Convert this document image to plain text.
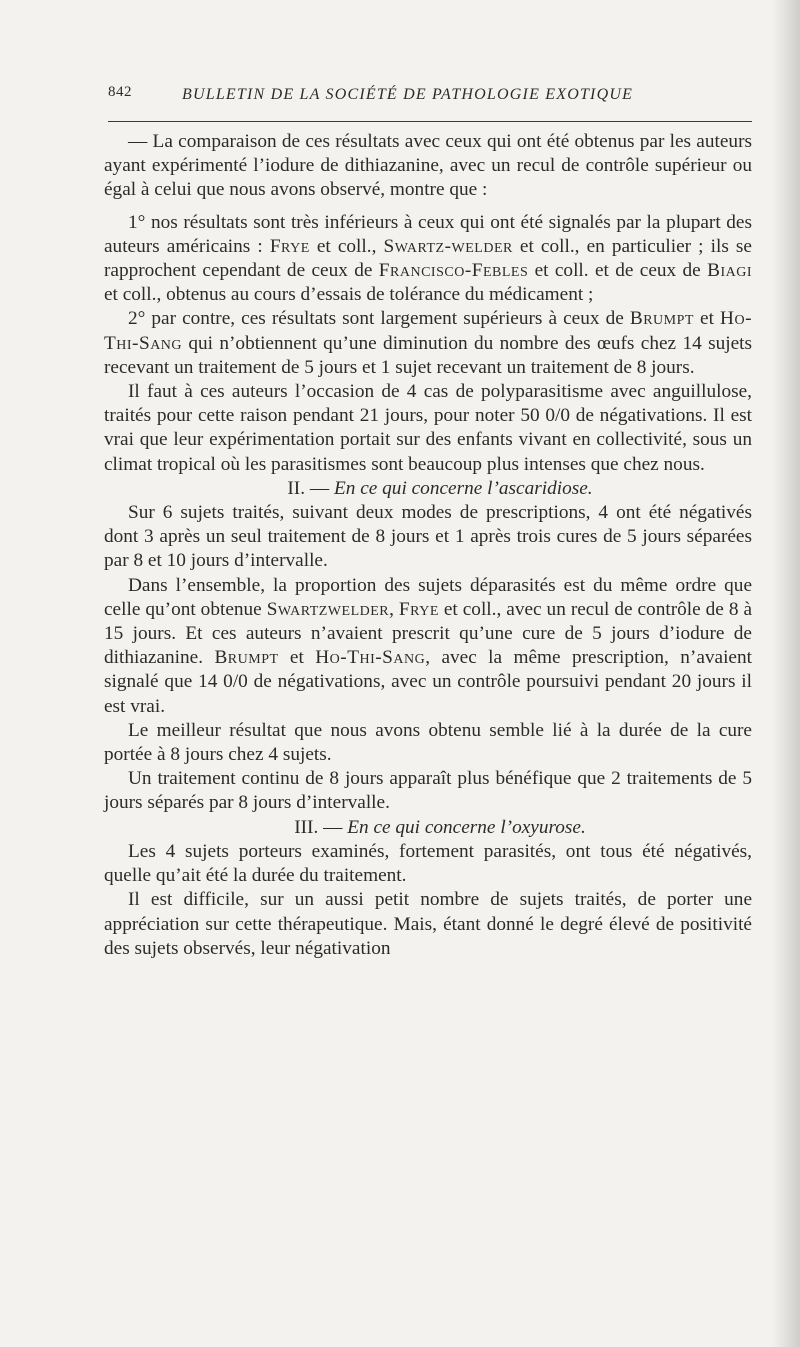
842	BULLETIN DE LA SOCIÉTÉ DE PATHOLOGIE EXOTIQUE

— La comparaison de ces résultats avec ceux qui ont été obtenus par les auteurs ayant expérimenté l’iodure de dithiazanine, avec un recul de contrôle supérieur ou égal à celui que nous avons observé, montre que :

1° nos résultats sont très inférieurs à ceux qui ont été signalés par la plupart des auteurs américains : Frye et coll., Swartz-welder et coll., en particulier ; ils se rapprochent cependant de ceux de Francisco-Febles et coll. et de ceux de Biagi et coll., obtenus au cours d’essais de tolérance du médicament ;

2° par contre, ces résultats sont largement supérieurs à ceux de Brumpt et Ho-Thi-Sang qui n’obtiennent qu’une diminution du nombre des œufs chez 14 sujets recevant un traitement de 5 jours et 1 sujet recevant un traitement de 8 jours.

Il faut à ces auteurs l’occasion de 4 cas de polyparasitisme avec anguillulose, traités pour cette raison pendant 21 jours, pour noter 50 0/0 de négativations. Il est vrai que leur expérimentation portait sur des enfants vivant en collectivité, sous un climat tropical où les parasitismes sont beaucoup plus intenses que chez nous.

II. — En ce qui concerne l’ascaridiose.

Sur 6 sujets traités, suivant deux modes de prescriptions, 4 ont été négativés dont 3 après un seul traitement de 8 jours et 1 après trois cures de 5 jours séparées par 8 et 10 jours d’intervalle.

Dans l’ensemble, la proportion des sujets déparasités est du même ordre que celle qu’ont obtenue Swartzwelder, Frye et coll., avec un recul de contrôle de 8 à 15 jours. Et ces auteurs n’avaient prescrit qu’une cure de 5 jours d’iodure de dithiazanine. Brumpt et Ho-Thi-Sang, avec la même prescription, n’avaient signalé que 14 0/0 de négativations, avec un contrôle poursuivi pendant 20 jours il est vrai.

Le meilleur résultat que nous avons obtenu semble lié à la durée de la cure portée à 8 jours chez 4 sujets.

Un traitement continu de 8 jours apparaît plus bénéfique que 2 traitements de 5 jours séparés par 8 jours d’intervalle.

III. — En ce qui concerne l’oxyurose.

Les 4 sujets porteurs examinés, fortement parasités, ont tous été négativés, quelle qu’ait été la durée du traitement.

Il est difficile, sur un aussi petit nombre de sujets traités, de porter une appréciation sur cette thérapeutique. Mais, étant donné le degré élevé de positivité des sujets observés, leur négativation
